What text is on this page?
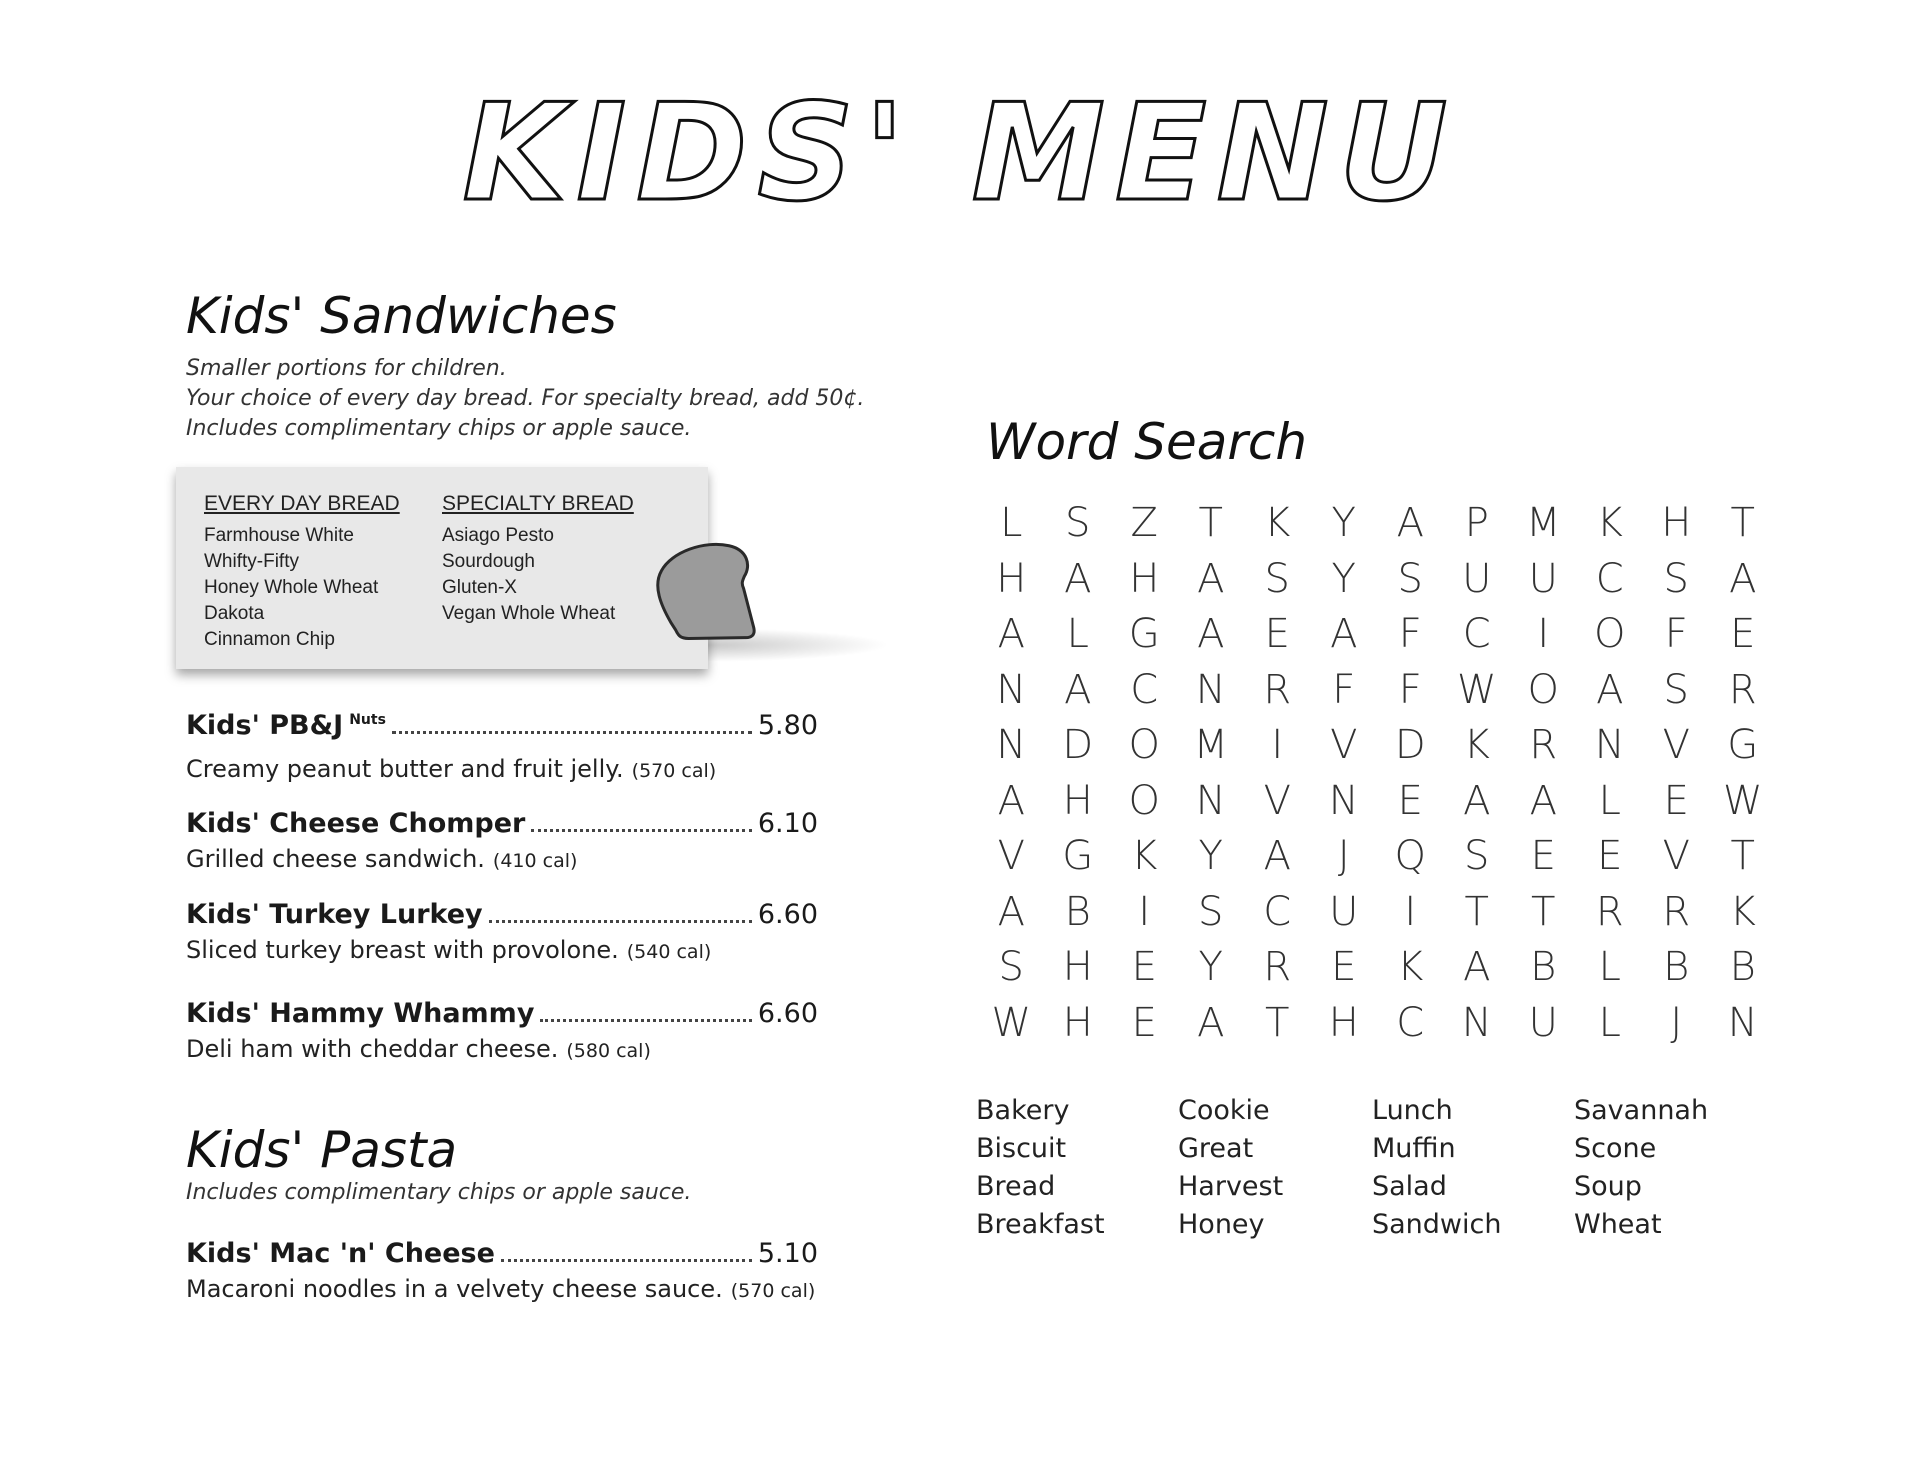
KIDS' MENU
Kids' Sandwiches
Smaller portions for children.
Your choice of every day bread. For specialty bread, add 50¢.
Includes complimentary chips or apple sauce.
EVERY DAY BREAD
Farmhouse White
Whifty-Fifty
Honey Whole Wheat
Dakota
Cinnamon Chip
SPECIALTY BREAD
Asiago Pesto
Sourdough
Gluten-X
Vegan Whole Wheat
Kids' PB&J Nuts	5.80
Creamy peanut butter and fruit jelly. (570 cal)
Kids' Cheese Chomper	6.10
Grilled cheese sandwich. (410 cal)
Kids' Turkey Lurkey	6.60
Sliced turkey breast with provolone. (540 cal)
Kids' Hammy Whammy	6.60
Deli ham with cheddar cheese. (580 cal)
Kids' Pasta
Includes complimentary chips or apple sauce.
Kids' Mac 'n' Cheese	5.10
Macaroni noodles in a velvety cheese sauce. (570 cal)
Word Search
L	S	Z	T	K	Y	A	P M K H T
H A H A	S	Y	S U U C S	A
A	L G A	E	A	F	C	I	O F	E
N A C N R	F	F W O A	S R
N D O M	I	V D K R N V G
A H O N V N E	A A	L	E W
V G K	Y	A	J	Q S	E	E	V	T
A B	I	S C U	I	T	T	R R K
S H E	Y	R E	K A B	L	B	B
W H E	A	T H C N U	L	J	N
Bakery	Cookie	Lunch	Savannah
Biscuit	Great	Muffin	Scone
Bread	Harvest	Salad	Soup
Breakfast	Honey	Sandwich	Wheat
